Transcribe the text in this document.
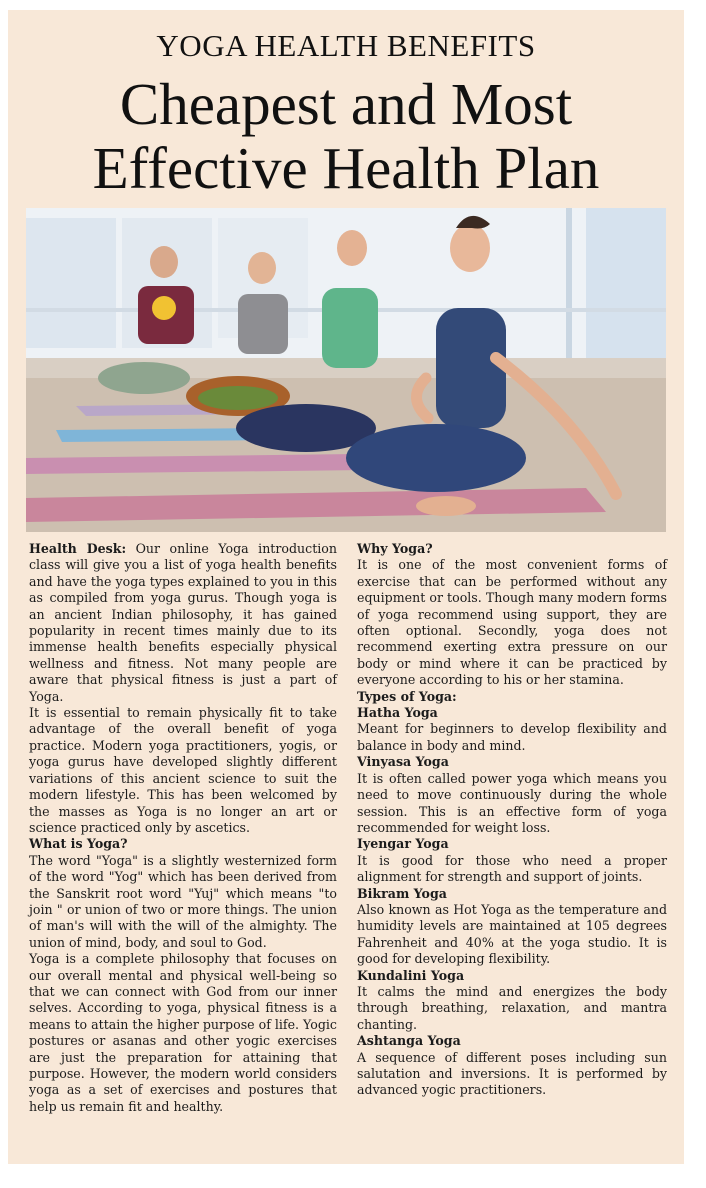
YOGA HEALTH BENEFITS
Cheapest and Most
Effective Health Plan

Health Desk: Our online Yoga introduction class will give you a list of yoga health benefits and have the yoga types explained to you in this as compiled from yoga gurus. Though yoga is an ancient Indian philosophy, it has gained popularity in recent times mainly due to its immense health benefits especially physical wellness and fitness. Not many people are aware that physical fitness is just a part of Yoga.

It is essential to remain physically fit to take advantage of the overall benefit of yoga practice. Modern yoga practitioners, yogis, or yoga gurus have developed slightly different variations of this ancient science to suit the modern lifestyle. This has been welcomed by the masses as Yoga is no longer an art or science practiced only by ascetics.

What is Yoga?

The word "Yoga" is a slightly westernized form of the word "Yog" which has been derived from the Sanskrit root word "Yuj" which means "to join " or union of two or more things. The union of man's will with the will of the almighty. The union of mind, body, and soul to God.

Yoga is a complete philosophy that focuses on our overall mental and physical well-being so that we can connect with God from our inner selves. According to yoga, physical fitness is a means to attain the higher purpose of life. Yogic postures or asanas and other yogic exercises are just the preparation for attaining that purpose. However, the modern world considers yoga as a set of exercises and postures that help us remain fit and healthy.

Why Yoga?

It is one of the most convenient forms of exercise that can be performed without any equipment or tools. Though many modern forms of yoga recommend using support, they are often optional. Secondly, yoga does not recommend exerting extra pressure on our body or mind where it can be practiced by everyone according to his or her stamina.

Types of Yoga:
Hatha Yoga

Meant for beginners to develop flexibility and balance in body and mind.

Vinyasa Yoga

It is often called power yoga which means you need to move continuously during the whole session. This is an effective form of yoga recommended for weight loss.

Iyengar Yoga

It is good for those who need a proper alignment for strength and support of joints.

Bikram Yoga

Also known as Hot Yoga as the temperature and humidity levels are maintained at 105 degrees Fahrenheit and 40% at the yoga studio. It is good for developing flexibility.

Kundalini Yoga

It calms the mind and energizes the body through breathing, relaxation, and mantra chanting.

Ashtanga Yoga

A sequence of different poses including sun salutation and inversions. It is performed by advanced yogic practitioners.
